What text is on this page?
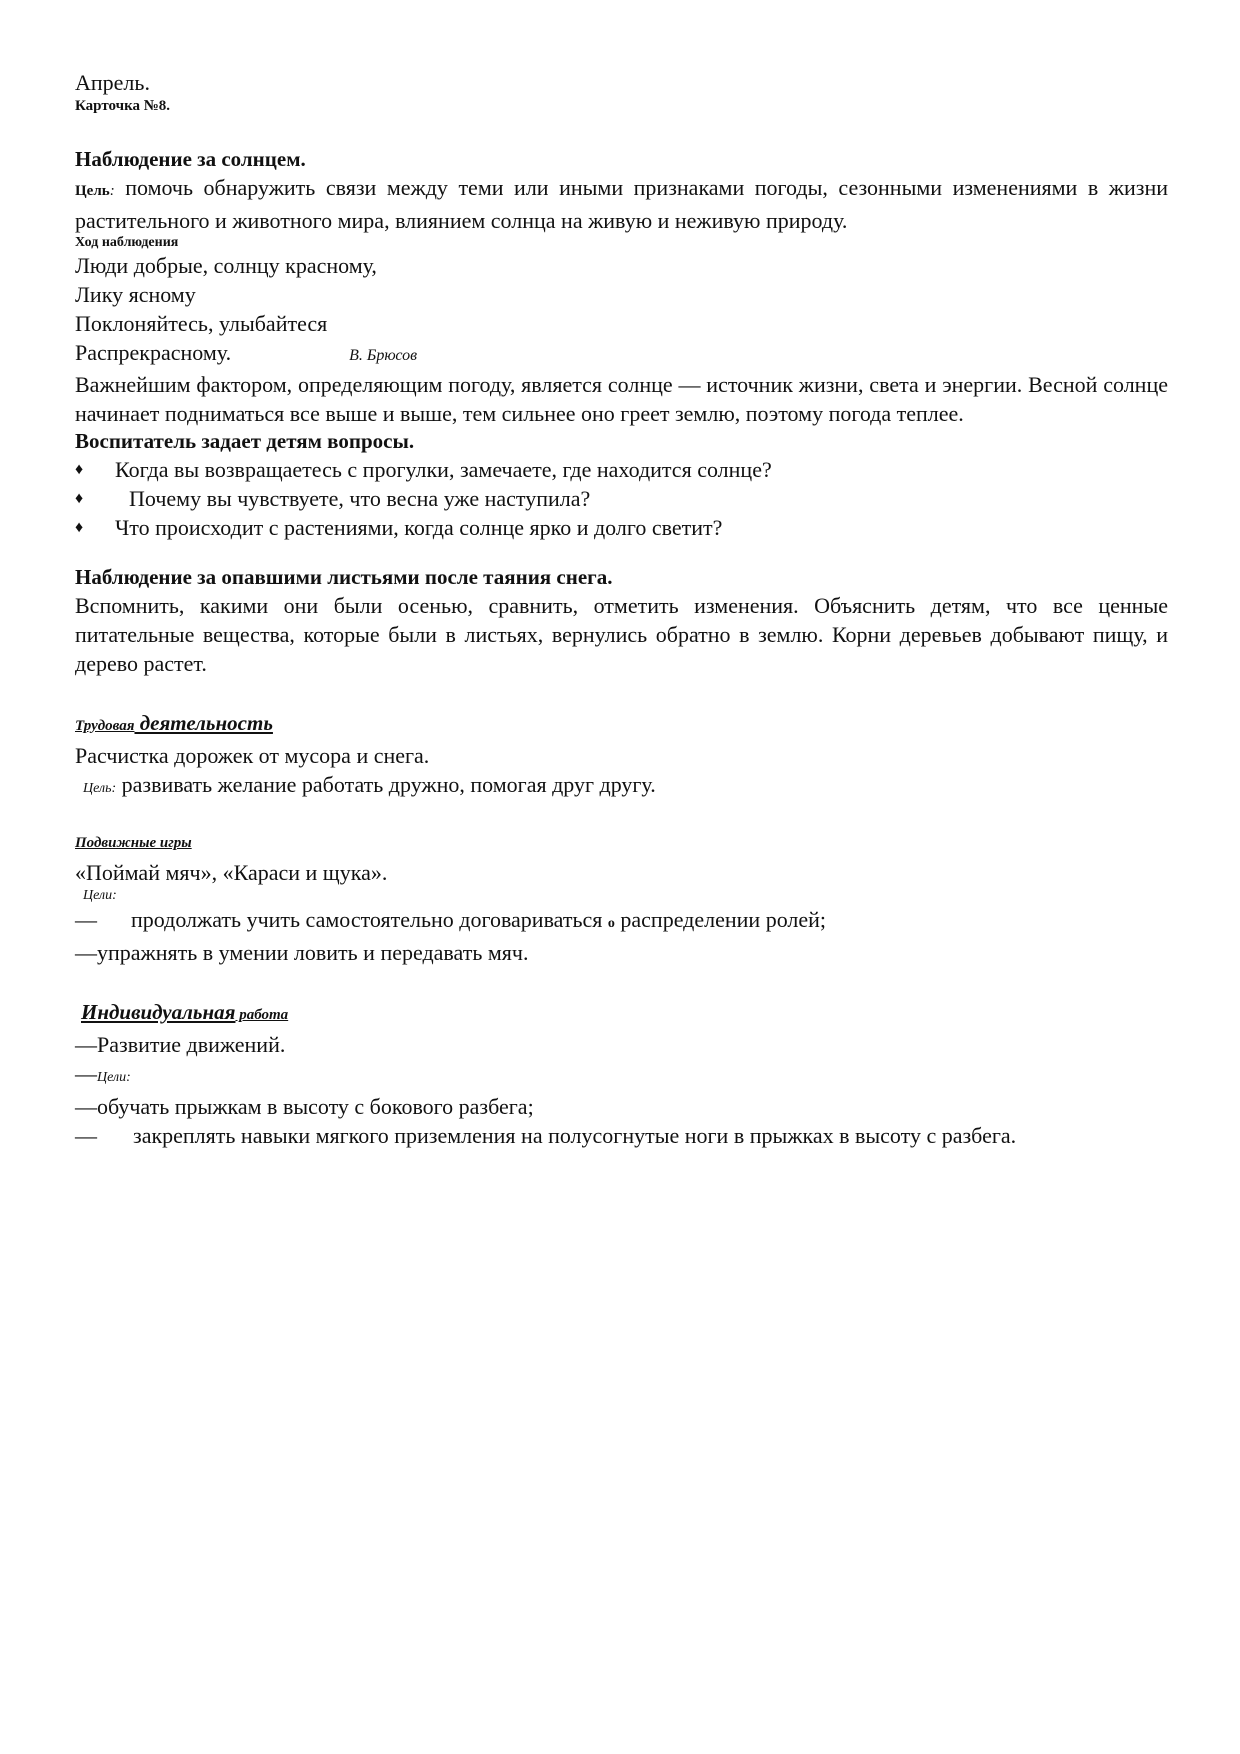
Апрель.
Карточка №8.
Наблюдение за солнцем.

Цель: помочь обнаружить связи между теми или иными признаками погоды, сезонными изменениями в жизни растительного и животного мира, влиянием солнца на живую и неживую природу.

Ход наблюдения
Люди добрые, солнцу красному,
Лику ясному
Поклоняйтесь, улыбайтеся
Распрекрасному.	В. Брюсов

Важнейшим фактором, определяющим погоду, является солнце — источник жизни, света и энергии. Весной солнце начинает подниматься все выше и выше, тем сильнее оно греет землю, поэтому погода теплее.

Воспитатель задает детям вопросы.
♦	Когда вы возвращаетесь с прогулки, замечаете, где находится солнце?
♦	Почему вы чувствуете, что весна уже наступила?
♦	Что происходит с растениями, когда солнце ярко и долго светит?
Наблюдение за опавшими листьями после таяния снега.

Вспомнить, какими они были осенью, сравнить, отметить изменения. Объяснить детям, что все ценные питательные вещества, которые были в листьях, вернулись обратно в землю. Корни деревьев добывают пищу, и дерево растет.

Трудовая деятельность
Расчистка дорожек от мусора и снега.
Цель: развивать желание работать дружно, помогая друг другу.
Подвижные игры
«Поймай мяч», «Караси и щука».
Цели:
— продолжать учить самостоятельно договариваться о распределении ролей;
—упражнять в умении ловить и передавать мяч.
Индивидуальная работа
—Развитие движений.
—Цели:
—обучать прыжкам в высоту с бокового разбега;
— закреплять навыки мягкого приземления на полусогнутые ноги в прыжках в высоту с разбега.
